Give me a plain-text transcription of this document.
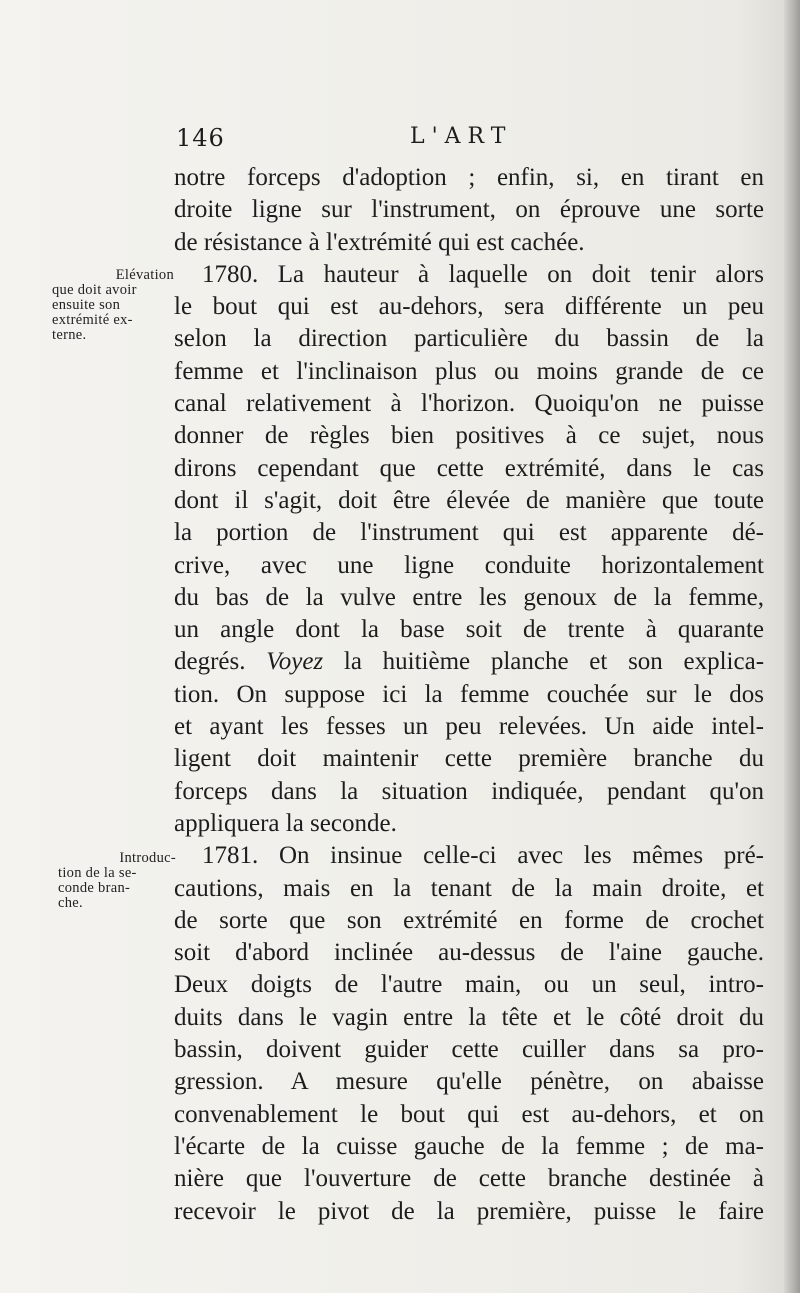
146	L'ART
Elévation
que doit avoir
ensuite son
extrémité ex-
terne.
Introduc-
tion de la se-
conde bran-
che.
notre forceps d'adoption ; enfin, si, en tirant en
droite ligne sur l'instrument, on éprouve une sorte
de résistance à l'extrémité qui est cachée.
1780. La hauteur à laquelle on doit tenir alors
le bout qui est au-dehors, sera différente un peu
selon la direction particulière du bassin de la
femme et l'inclinaison plus ou moins grande de ce
canal relativement à l'horizon. Quoiqu'on ne puisse
donner de règles bien positives à ce sujet, nous
dirons cependant que cette extrémité, dans le cas
dont il s'agit, doit être élevée de manière que toute
la portion de l'instrument qui est apparente dé-
crive, avec une ligne conduite horizontalement
du bas de la vulve entre les genoux de la femme,
un angle dont la base soit de trente à quarante
degrés. Voyez la huitième planche et son explica-
tion. On suppose ici la femme couchée sur le dos
et ayant les fesses un peu relevées. Un aide intel-
ligent doit maintenir cette première branche du
forceps dans la situation indiquée, pendant qu'on
appliquera la seconde.
1781. On insinue celle-ci avec les mêmes pré-
cautions, mais en la tenant de la main droite, et
de sorte que son extrémité en forme de crochet
soit d'abord inclinée au-dessus de l'aine gauche.
Deux doigts de l'autre main, ou un seul, intro-
duits dans le vagin entre la tête et le côté droit du
bassin, doivent guider cette cuiller dans sa pro-
gression. A mesure qu'elle pénètre, on abaisse
convenablement le bout qui est au-dehors, et on
l'écarte de la cuisse gauche de la femme ; de ma-
nière que l'ouverture de cette branche destinée à
recevoir le pivot de la première, puisse le faire
